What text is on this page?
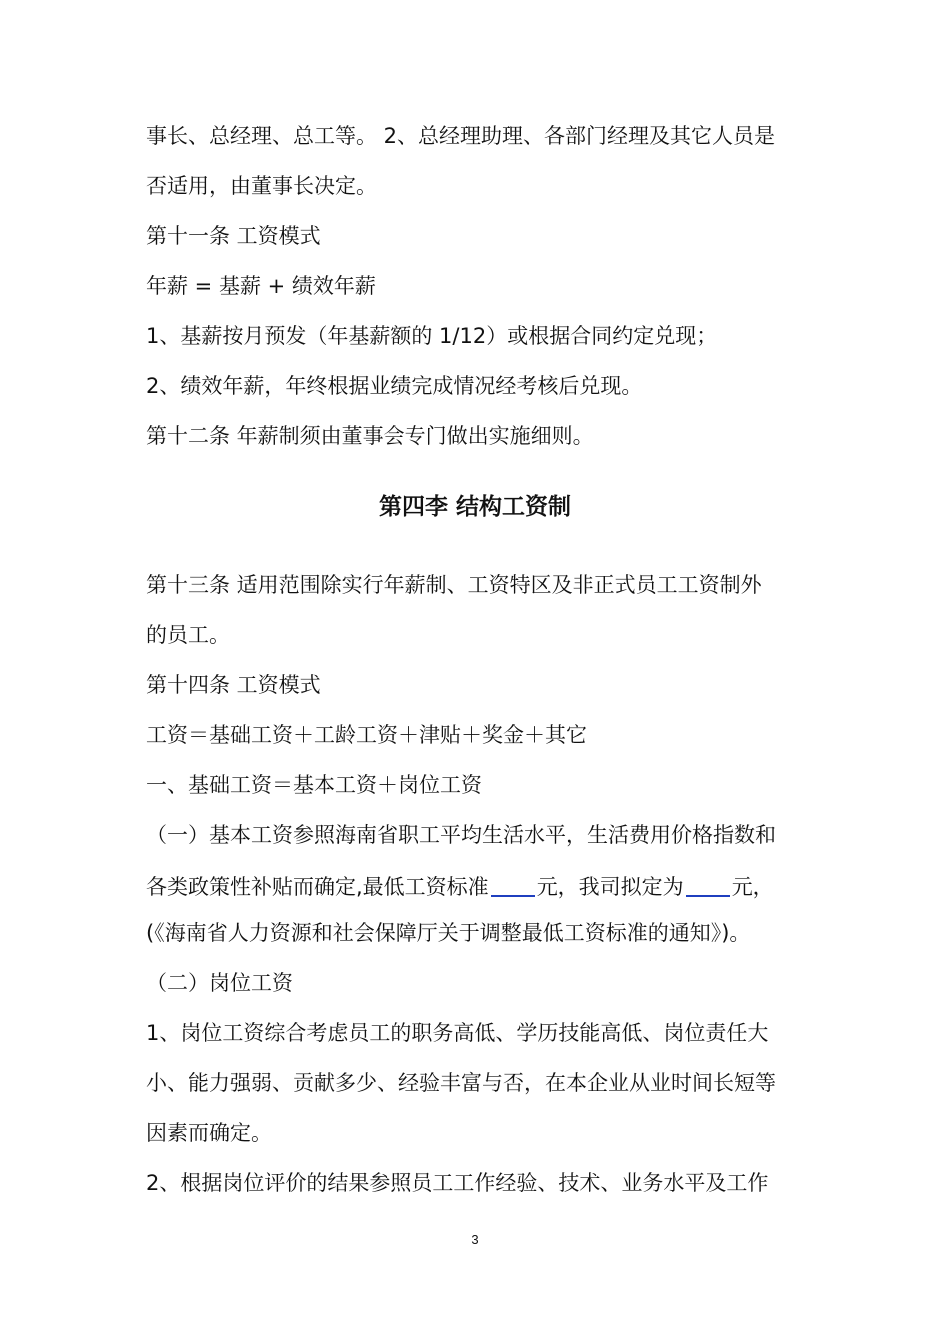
事长、总经理、总工等。 2、总经理助理、各部门经理及其它人员是
否适用，由董事长决定。
第十一条 工资模式
年薪 = 基薪 + 绩效年薪
1、基薪按月预发（年基薪额的 1/12）或根据合同约定兑现；
2、绩效年薪，年终根据业绩完成情况经考核后兑现。
第十二条 年薪制须由董事会专门做出实施细则。
第四李 结构工资制
第十三条 适用范围除实行年薪制、工资特区及非正式员工工资制外
的员工。
第十四条 工资模式
工资＝基础工资＋工龄工资＋津贴＋奖金＋其它
一、基础工资＝基本工资＋岗位工资
（一）基本工资参照海南省职工平均生活水平，生活费用价格指数和
各类政策性补贴而确定,最低工资标准 元，我司拟定为 元，
(《海南省人力资源和社会保障厅关于调整最低工资标准的通知》)。
（二）岗位工资
1、岗位工资综合考虑员工的职务高低、学历技能高低、岗位责任大
小、能力强弱、贡献多少、经验丰富与否，在本企业从业时间长短等
因素而确定。
2、根据岗位评价的结果参照员工工作经验、技术、业务水平及工作
3
